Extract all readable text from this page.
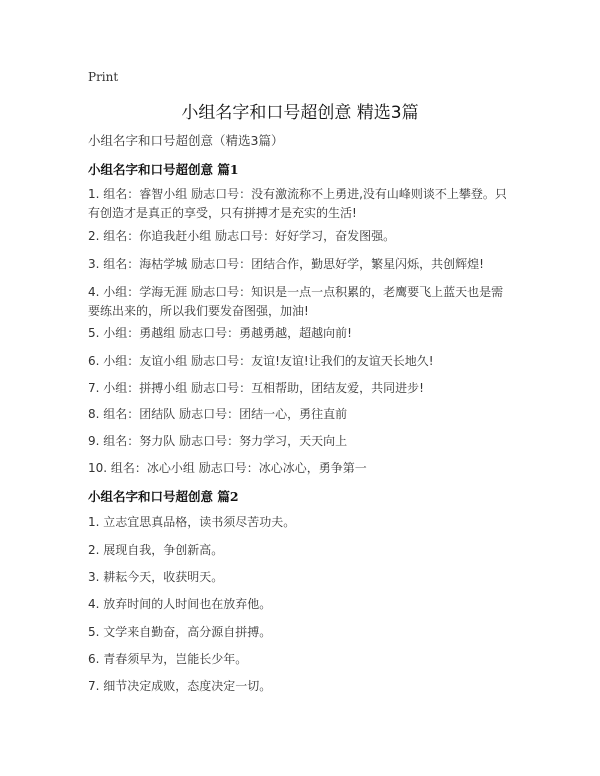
Print
小组名字和口号超创意 精选3篇
小组名字和口号超创意（精选3篇）
小组名字和口号超创意 篇1
1. 组名：睿智小组 励志口号：没有激流称不上勇进,没有山峰则谈不上攀登。只有创造才是真正的享受，只有拼搏才是充实的生活!
2. 组名：你追我赶小组 励志口号：好好学习，奋发图强。
3. 组名：海枯学城 励志口号：团结合作，勤思好学，繁星闪烁，共创辉煌!
4. 小组：学海无涯 励志口号：知识是一点一点积累的，老鹰要飞上蓝天也是需要练出来的，所以我们要发奋图强，加油!
5. 小组：勇越组 励志口号：勇越勇越，超越向前!
6. 小组：友谊小组 励志口号：友谊!友谊!让我们的友谊天长地久!
7. 小组：拼搏小组 励志口号：互相帮助，团结友爱，共同进步!
8. 组名：团结队 励志口号：团结一心，勇往直前
9. 组名：努力队 励志口号：努力学习，天天向上
10. 组名：冰心小组 励志口号：冰心冰心，勇争第一
小组名字和口号超创意 篇2
1. 立志宜思真品格，读书须尽苦功夫。
2. 展现自我，争创新高。
3. 耕耘今天，收获明天。
4. 放弃时间的人时间也在放弃他。
5. 文学来自勤奋，高分源自拼搏。
6. 青春须早为，岂能长少年。
7. 细节决定成败，态度决定一切。
